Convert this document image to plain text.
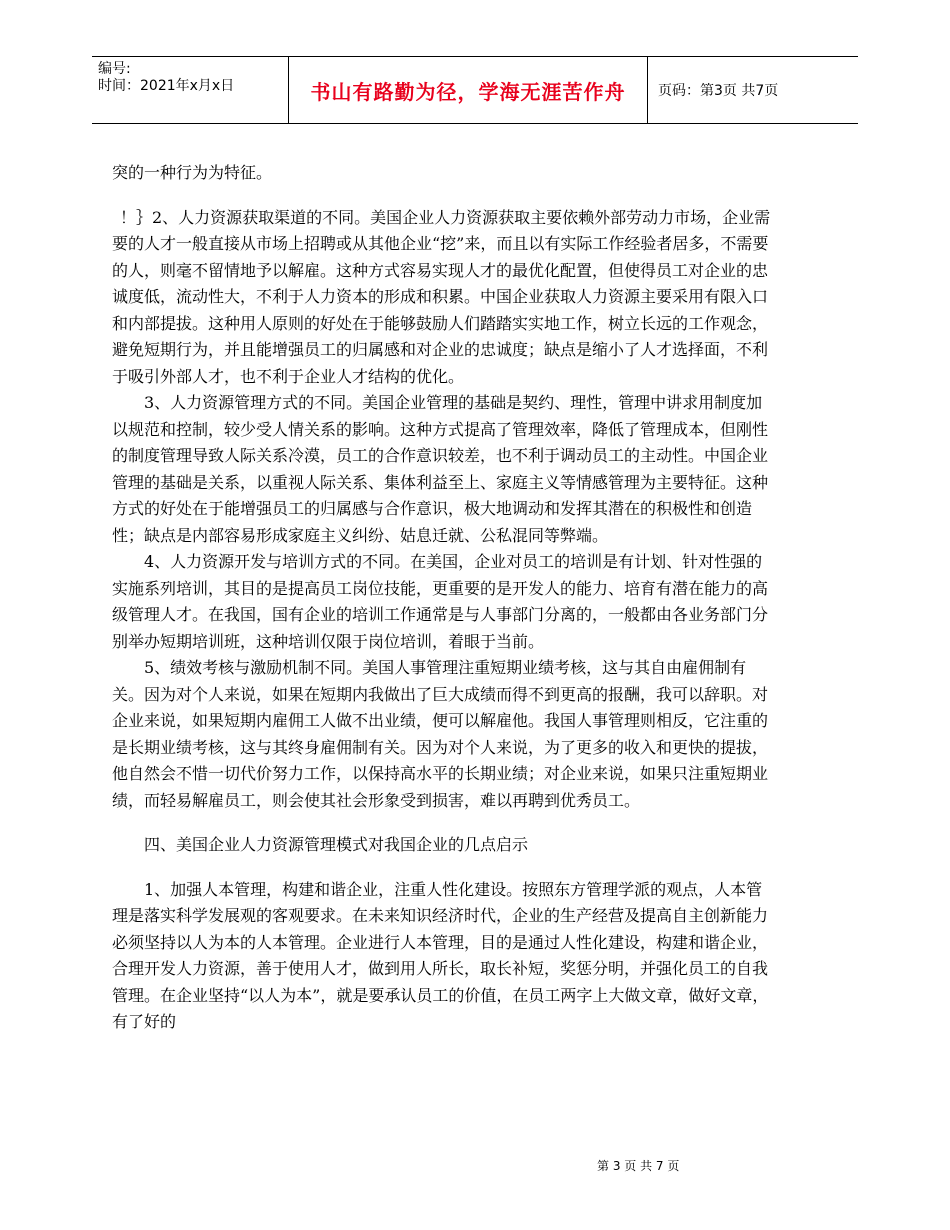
编号:
时间：2021年x月x日	书山有路勤为径，学海无涯苦作舟	页码：第3页 共7页

突的一种行为为特征。

！｝2、人力资源获取渠道的不同。美国企业人力资源获取主要依赖外部劳动力市场，企业需要的人才一般直接从市场上招聘或从其他企业“挖”来，而且以有实际工作经验者居多，不需要的人，则毫不留情地予以解雇。这种方式容易实现人才的最优化配置，但使得员工对企业的忠诚度低，流动性大，不利于人力资本的形成和积累。中国企业获取人力资源主要采用有限入口和内部提拔。这种用人原则的好处在于能够鼓励人们踏踏实实地工作，树立长远的工作观念，避免短期行为，并且能增强员工的归属感和对企业的忠诚度；缺点是缩小了人才选择面，不利于吸引外部人才，也不利于企业人才结构的优化。

3、人力资源管理方式的不同。美国企业管理的基础是契约、理性，管理中讲求用制度加以规范和控制，较少受人情关系的影响。这种方式提高了管理效率，降低了管理成本，但刚性的制度管理导致人际关系冷漠，员工的合作意识较差，也不利于调动员工的主动性。中国企业管理的基础是关系，以重视人际关系、集体利益至上、家庭主义等情感管理为主要特征。这种方式的好处在于能增强员工的归属感与合作意识，极大地调动和发挥其潜在的积极性和创造性；缺点是内部容易形成家庭主义纠纷、姑息迁就、公私混同等弊端。

4、人力资源开发与培训方式的不同。在美国，企业对员工的培训是有计划、针对性强的实施系列培训，其目的是提高员工岗位技能，更重要的是开发人的能力、培育有潜在能力的高级管理人才。在我国，国有企业的培训工作通常是与人事部门分离的，一般都由各业务部门分别举办短期培训班，这种培训仅限于岗位培训，着眼于当前。

5、绩效考核与激励机制不同。美国人事管理注重短期业绩考核，这与其自由雇佣制有关。因为对个人来说，如果在短期内我做出了巨大成绩而得不到更高的报酬，我可以辞职。对企业来说，如果短期内雇佣工人做不出业绩，便可以解雇他。我国人事管理则相反，它注重的是长期业绩考核，这与其终身雇佣制有关。因为对个人来说，为了更多的收入和更快的提拔，他自然会不惜一切代价努力工作，以保持高水平的长期业绩；对企业来说，如果只注重短期业绩，而轻易解雇员工，则会使其社会形象受到损害，难以再聘到优秀员工。

四、美国企业人力资源管理模式对我国企业的几点启示

1、加强人本管理，构建和谐企业，注重人性化建设。按照东方管理学派的观点，人本管理是落实科学发展观的客观要求。在未来知识经济时代，企业的生产经营及提高自主创新能力必须坚持以人为本的人本管理。企业进行人本管理，目的是通过人性化建设，构建和谐企业，合理开发人力资源，善于使用人才，做到用人所长，取长补短，奖惩分明，并强化员工的自我管理。在企业坚持“以人为本”，就是要承认员工的价值，在员工两字上大做文章，做好文章，有了好的

第 3 页 共 7 页
